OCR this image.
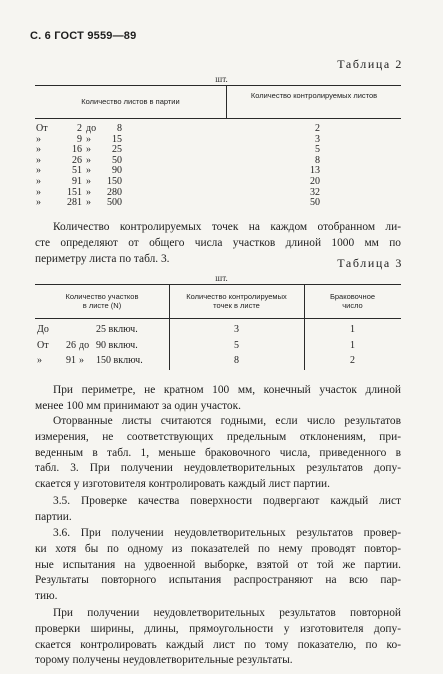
С. 6 ГОСТ 9559—89
Таблица 2
шт.
Количество листов в партии
Количество контролируемых листов
От	2 до	8	2
»	9 »	15	3
»	16 »	25	5
»	26 »	50	8
»	51 »	90	13
»	91 »	150	20
»	151 »	280	32
»	281 »	500	50
Количество контролируемых точек на каждом отобранном ли-
сте определяют от общего числа участков длиной 1000 мм по
периметру листа по табл. 3.	Таблица 3
шт.
Количество участков
в листе (N)
Количество контролируемых
точек в листе
Браковочное
число
До	25 включ.	3	1
От	26 до 90 включ.	5	1
»	91 »	150 включ.	8	2
При периметре, не кратном 100 мм, конечный участок длиной
менее 100 мм принимают за один участок.
Оторванные листы считаются годными, если число результатов
измерения, не соответствующих предельным отклонениям, при-
веденным в табл. 1, меньше браковочного числа, приведенного в
табл. 3. При получении неудовлетворительных результатов допу-
скается у изготовителя контролировать каждый лист партии.
3.5. Проверке качества поверхности подвергают каждый лист
партии.
3.6. При получении неудовлетворительных результатов провер-
ки хотя бы по одному из показателей по нему проводят повтор-
ные испытания на удвоенной выборке, взятой от той же партии.
Результаты повторного испытания распространяют на всю пар-
тию.
При получении неудовлетворительных результатов повторной
проверки ширины, длины, прямоугольности у изготовителя допу-
скается контролировать каждый лист по тому показателю, по ко-
торому получены неудовлетворительные результаты.
